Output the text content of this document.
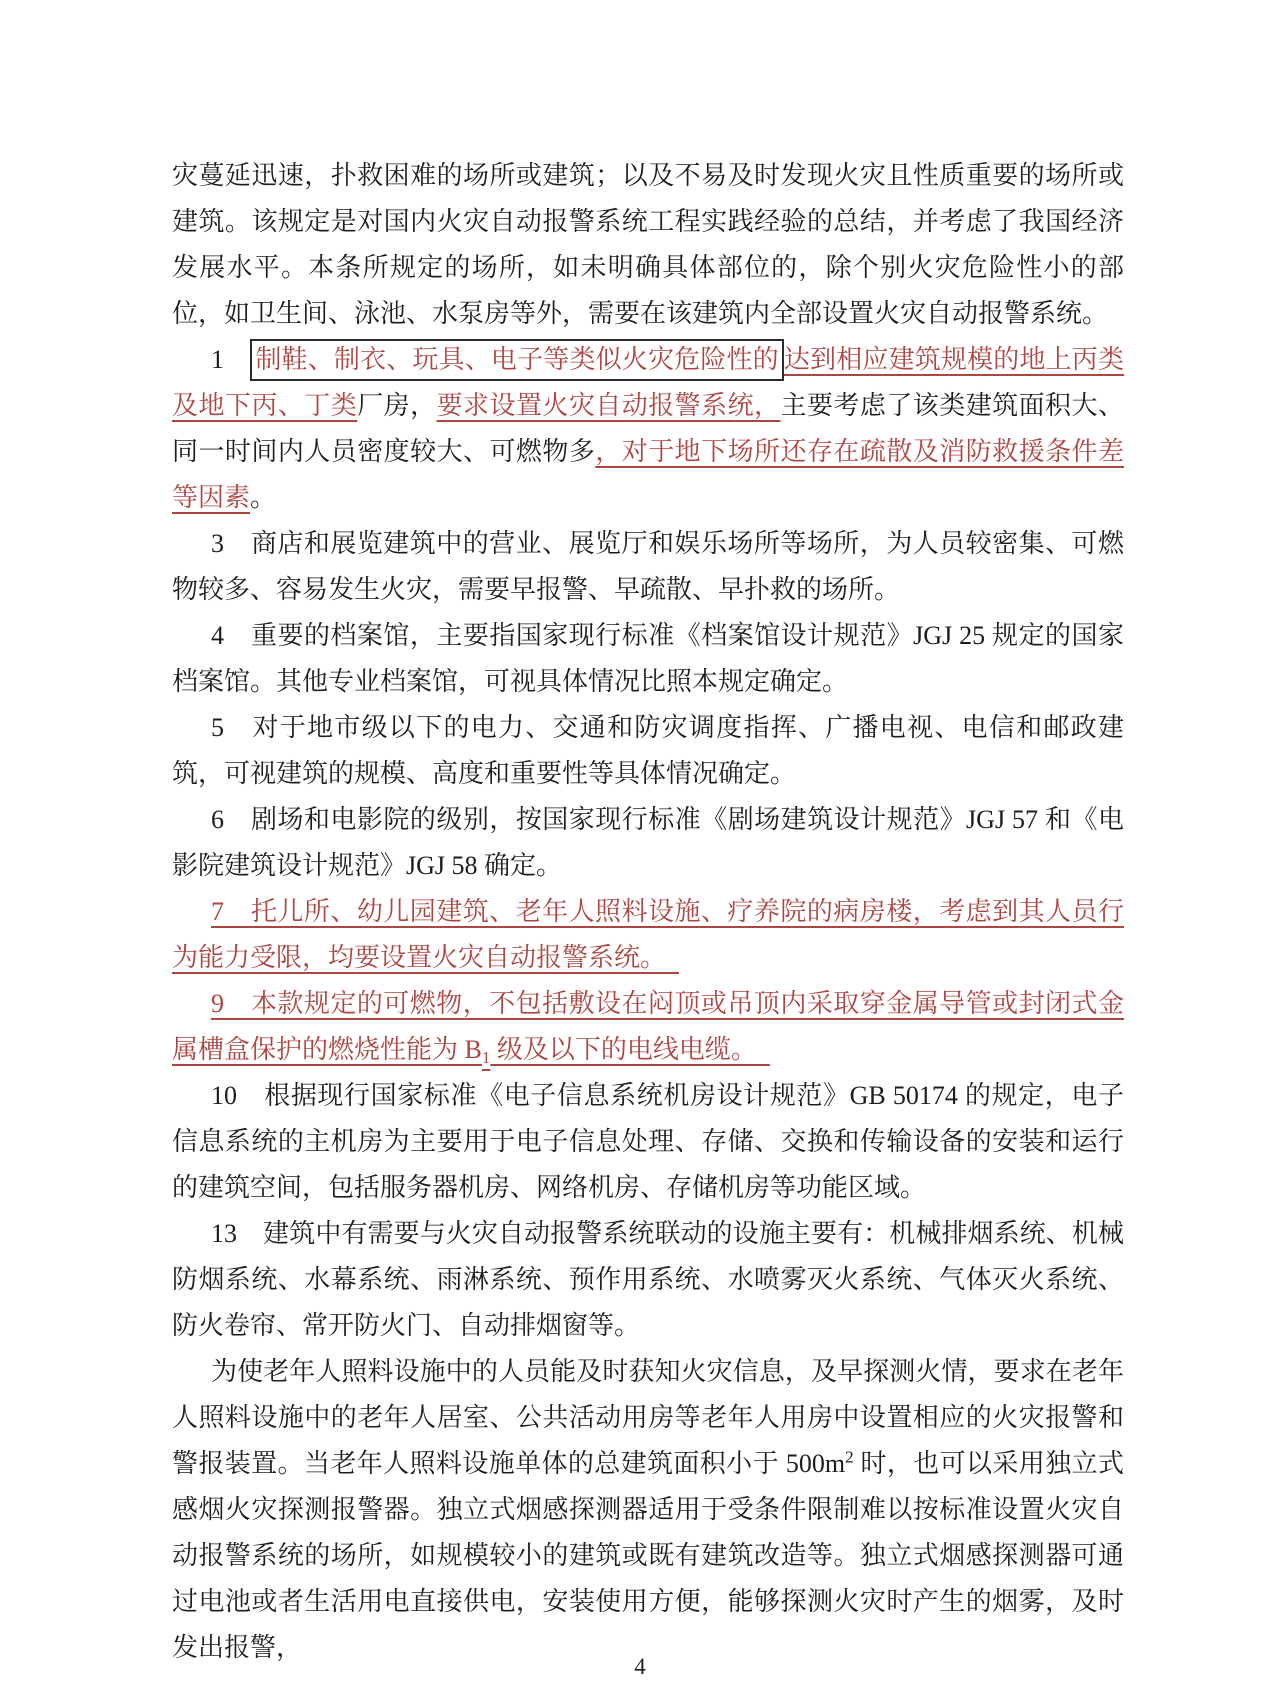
灾蔓延迅速，扑救困难的场所或建筑；以及不易及时发现火灾且性质重要的场所或建筑。该规定是对国内火灾自动报警系统工程实践经验的总结，并考虑了我国经济发展水平。本条所规定的场所，如未明确具体部位的，除个别火灾危险性小的部位，如卫生间、泳池、水泵房等外，需要在该建筑内全部设置火灾自动报警系统。

1　制鞋、制衣、玩具、电子等类似火灾危险性的 达到相应建筑规模的地上丙类及地下丙、丁类厂房，要求设置火灾自动报警系统，主要考虑了该类建筑面积大、同一时间内人员密度较大、可燃物多，对于地下场所还存在疏散及消防救援条件差等因素。

3　商店和展览建筑中的营业、展览厅和娱乐场所等场所，为人员较密集、可燃物较多、容易发生火灾，需要早报警、早疏散、早扑救的场所。

4　重要的档案馆，主要指国家现行标准《档案馆设计规范》JGJ 25 规定的国家档案馆。其他专业档案馆，可视具体情况比照本规定确定。

5　对于地市级以下的电力、交通和防灾调度指挥、广播电视、电信和邮政建筑，可视建筑的规模、高度和重要性等具体情况确定。

6　剧场和电影院的级别，按国家现行标准《剧场建筑设计规范》JGJ 57 和《电影院建筑设计规范》JGJ 58 确定。

7　托儿所、幼儿园建筑、老年人照料设施、疗养院的病房楼，考虑到其人员行为能力受限，均要设置火灾自动报警系统。　

9　本款规定的可燃物，不包括敷设在闷顶或吊顶内采取穿金属导管或封闭式金属槽盒保护的燃烧性能为 $B_1$ 级及以下的电线电缆。　

10　根据现行国家标准《电子信息系统机房设计规范》GB 50174 的规定，电子信息系统的主机房为主要用于电子信息处理、存储、交换和传输设备的安装和运行的建筑空间，包括服务器机房、网络机房、存储机房等功能区域。

13　建筑中有需要与火灾自动报警系统联动的设施主要有：机械排烟系统、机械防烟系统、水幕系统、雨淋系统、预作用系统、水喷雾灭火系统、气体灭火系统、防火卷帘、常开防火门、自动排烟窗等。

为使老年人照料设施中的人员能及时获知火灾信息，及早探测火情，要求在老年人照料设施中的老年人居室、公共活动用房等老年人用房中设置相应的火灾报警和警报装置。当老年人照料设施单体的总建筑面积小于 $500m^2$ 时，也可以采用独立式感烟火灾探测报警器。独立式烟感探测器适用于受条件限制难以按标准设置火灾自动报警系统的场所，如规模较小的建筑或既有建筑改造等。独立式烟感探测器可通过电池或者生活用电直接供电，安装使用方便，能够探测火灾时产生的烟雾，及时发出报警，

4
